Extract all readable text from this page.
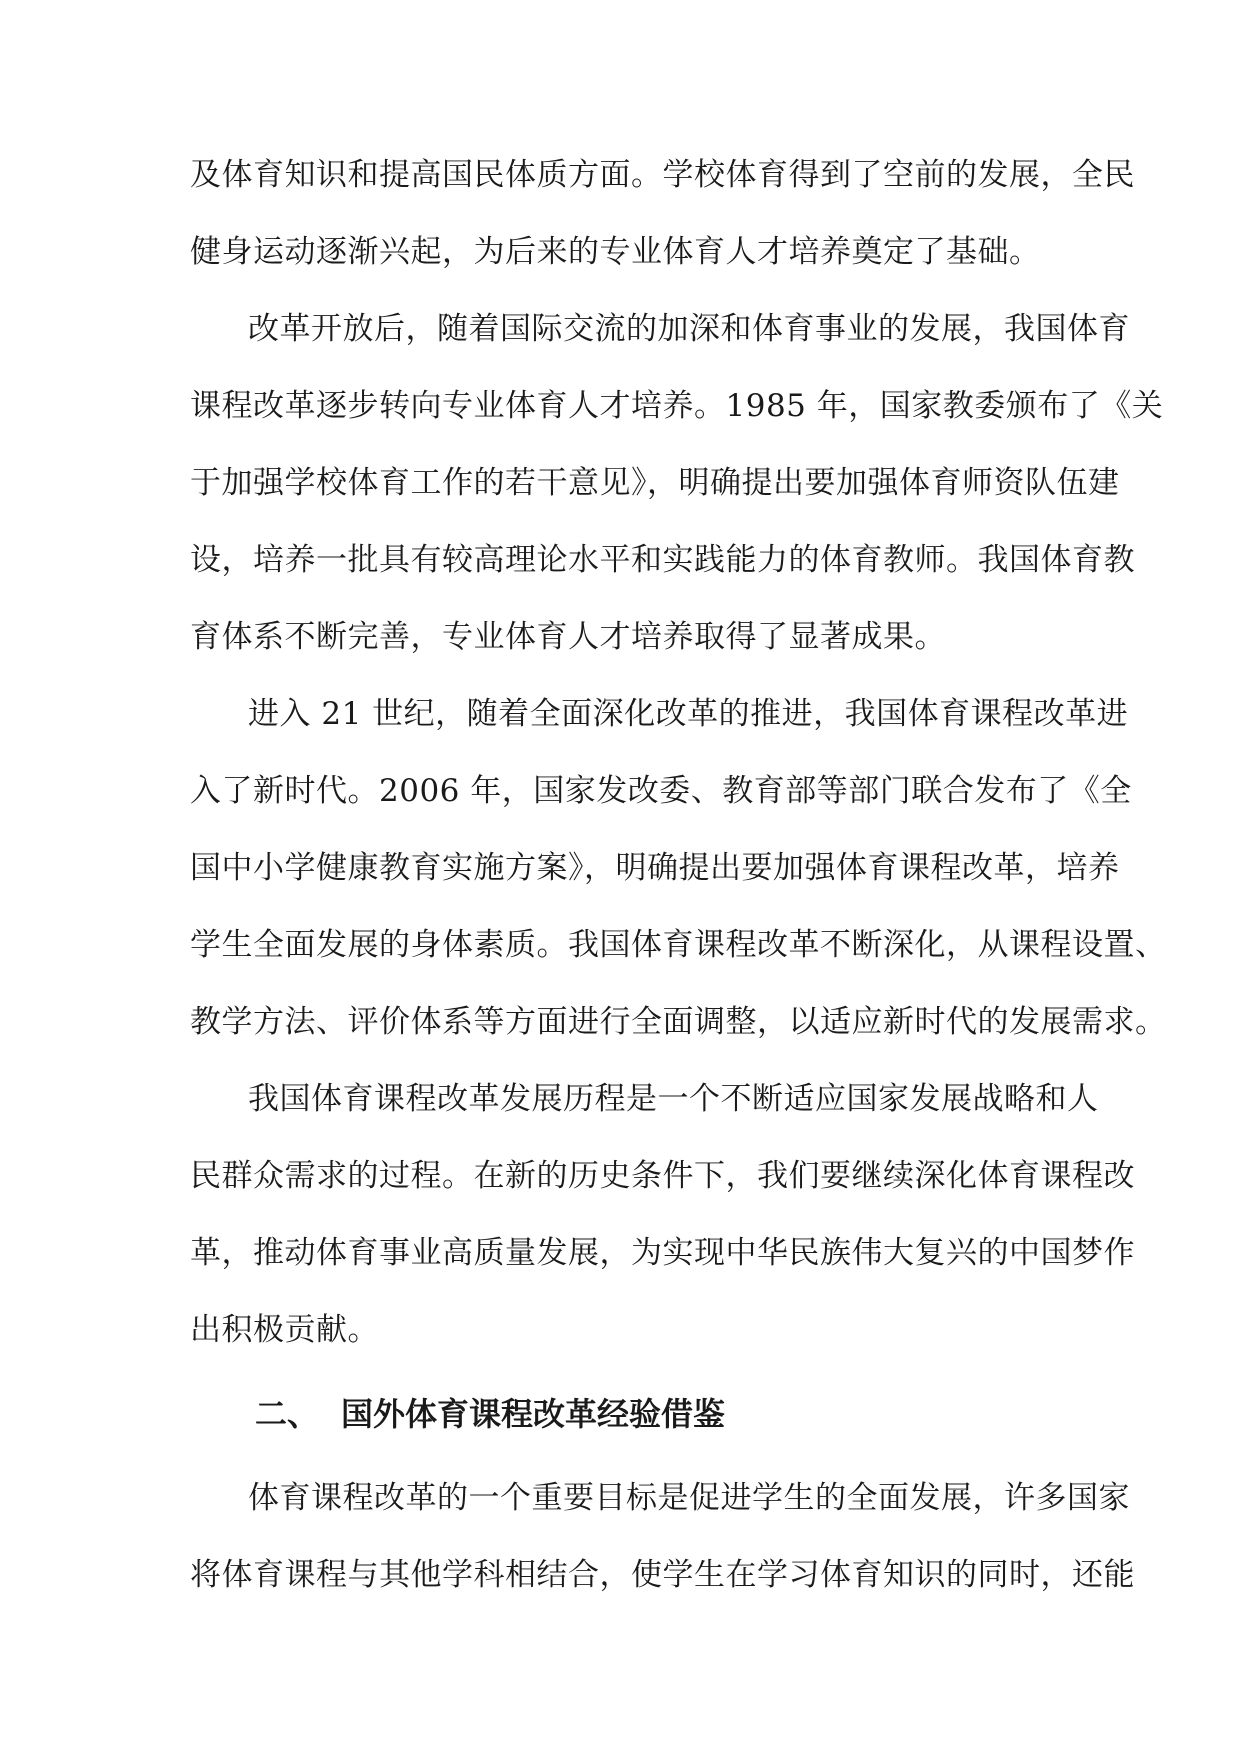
及体育知识和提高国民体质方面。学校体育得到了空前的发展，全民
健身运动逐渐兴起，为后来的专业体育人才培养奠定了基础。
改革开放后，随着国际交流的加深和体育事业的发展，我国体育
课程改革逐步转向专业体育人才培养。1985 年，国家教委颁布了《关
于加强学校体育工作的若干意见》，明确提出要加强体育师资队伍建
设，培养一批具有较高理论水平和实践能力的体育教师。我国体育教
育体系不断完善，专业体育人才培养取得了显著成果。
进入 21 世纪，随着全面深化改革的推进，我国体育课程改革进
入了新时代。2006 年，国家发改委、教育部等部门联合发布了《全
国中小学健康教育实施方案》，明确提出要加强体育课程改革，培养
学生全面发展的身体素质。我国体育课程改革不断深化，从课程设置、
教学方法、评价体系等方面进行全面调整，以适应新时代的发展需求。
我国体育课程改革发展历程是一个不断适应国家发展战略和人
民群众需求的过程。在新的历史条件下，我们要继续深化体育课程改
革，推动体育事业高质量发展，为实现中华民族伟大复兴的中国梦作
出积极贡献。
二、 国外体育课程改革经验借鉴
体育课程改革的一个重要目标是促进学生的全面发展，许多国家
将体育课程与其他学科相结合，使学生在学习体育知识的同时，还能
